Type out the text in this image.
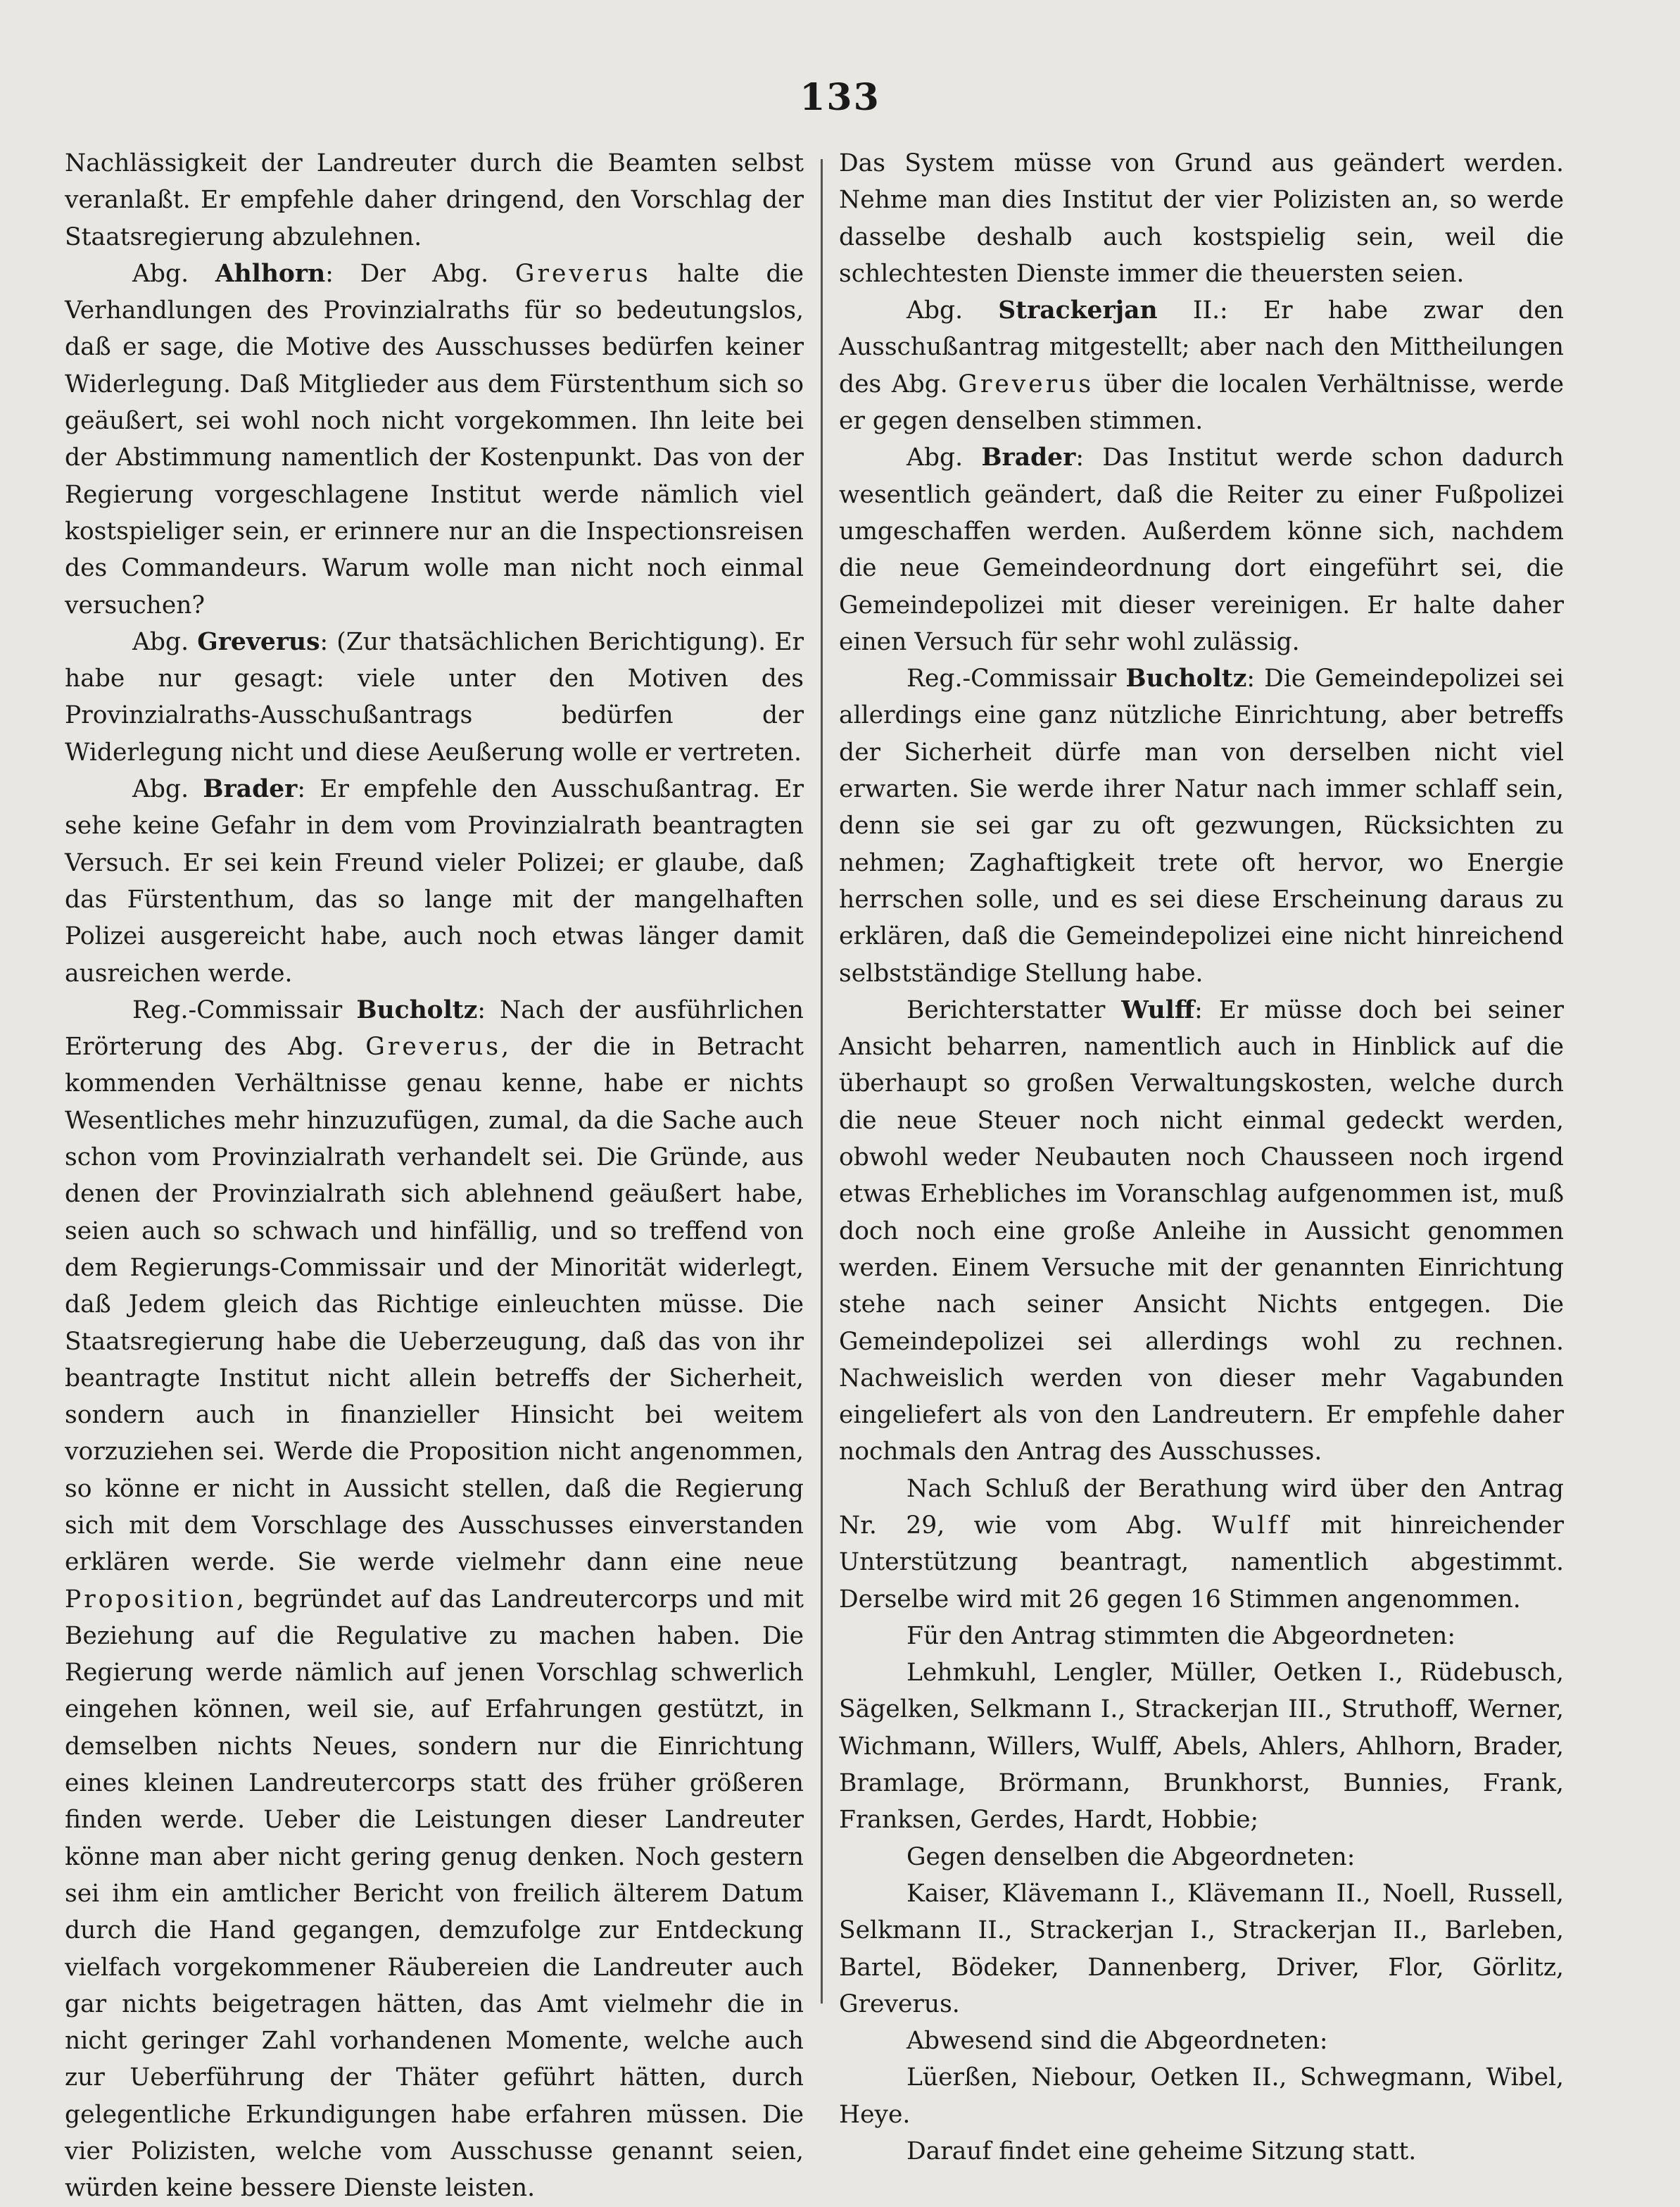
133

Nachlässigkeit der Landreuter durch die Beamten selbst veranlaßt. Er empfehle daher dringend, den Vorschlag der Staatsregierung abzulehnen.

Abg. Ahlhorn: Der Abg. Greverus halte die Verhandlungen des Provinzialraths für so bedeutungslos, daß er sage, die Motive des Ausschusses bedürfen keiner Widerlegung. Daß Mitglieder aus dem Fürstenthum sich so geäußert, sei wohl noch nicht vorgekommen. Ihn leite bei der Abstimmung namentlich der Kostenpunkt. Das von der Regierung vorgeschlagene Institut werde nämlich viel kostspieliger sein, er erinnere nur an die Inspectionsreisen des Commandeurs. Warum wolle man nicht noch einmal versuchen?

Abg. Greverus: (Zur thatsächlichen Berichtigung). Er habe nur gesagt: viele unter den Motiven des Provinzialraths-Ausschußantrags bedürfen der Widerlegung nicht und diese Aeußerung wolle er vertreten.

Abg. Brader: Er empfehle den Ausschußantrag. Er sehe keine Gefahr in dem vom Provinzialrath beantragten Versuch. Er sei kein Freund vieler Polizei; er glaube, daß das Fürstenthum, das so lange mit der mangelhaften Polizei ausgereicht habe, auch noch etwas länger damit ausreichen werde.

Reg.-Commissair Bucholtz: Nach der ausführlichen Erörterung des Abg. Greverus, der die in Betracht kommenden Verhältnisse genau kenne, habe er nichts Wesentliches mehr hinzuzufügen, zumal, da die Sache auch schon vom Provinzialrath verhandelt sei. Die Gründe, aus denen der Provinzialrath sich ablehnend geäußert habe, seien auch so schwach und hinfällig, und so treffend von dem Regierungs-Commissair und der Minorität widerlegt, daß Jedem gleich das Richtige einleuchten müsse. Die Staatsregierung habe die Ueberzeugung, daß das von ihr beantragte Institut nicht allein betreffs der Sicherheit, sondern auch in finanzieller Hinsicht bei weitem vorzuziehen sei. Werde die Proposition nicht angenommen, so könne er nicht in Aussicht stellen, daß die Regierung sich mit dem Vorschlage des Ausschusses einverstanden erklären werde. Sie werde vielmehr dann eine neue Proposition, begründet auf das Landreutercorps und mit Beziehung auf die Regulative zu machen haben. Die Regierung werde nämlich auf jenen Vorschlag schwerlich eingehen können, weil sie, auf Erfahrungen gestützt, in demselben nichts Neues, sondern nur die Einrichtung eines kleinen Landreutercorps statt des früher größeren finden werde. Ueber die Leistungen dieser Landreuter könne man aber nicht gering genug denken. Noch gestern sei ihm ein amtlicher Bericht von freilich älterem Datum durch die Hand gegangen, demzufolge zur Entdeckung vielfach vorgekommener Räubereien die Landreuter auch gar nichts beigetragen hätten, das Amt vielmehr die in nicht geringer Zahl vorhandenen Momente, welche auch zur Ueberführung der Thäter geführt hätten, durch gelegentliche Erkundigungen habe erfahren müssen. Die vier Polizisten, welche vom Ausschusse genannt seien, würden keine bessere Dienste leisten.

Das System müsse von Grund aus geändert werden. Nehme man dies Institut der vier Polizisten an, so werde dasselbe deshalb auch kostspielig sein, weil die schlechtesten Dienste immer die theuersten seien.

Abg. Strackerjan II.: Er habe zwar den Ausschußantrag mitgestellt; aber nach den Mittheilungen des Abg. Greverus über die localen Verhältnisse, werde er gegen denselben stimmen.

Abg. Brader: Das Institut werde schon dadurch wesentlich geändert, daß die Reiter zu einer Fußpolizei umgeschaffen werden. Außerdem könne sich, nachdem die neue Gemeindeordnung dort eingeführt sei, die Gemeindepolizei mit dieser vereinigen. Er halte daher einen Versuch für sehr wohl zulässig.

Reg.-Commissair Bucholtz: Die Gemeindepolizei sei allerdings eine ganz nützliche Einrichtung, aber betreffs der Sicherheit dürfe man von derselben nicht viel erwarten. Sie werde ihrer Natur nach immer schlaff sein, denn sie sei gar zu oft gezwungen, Rücksichten zu nehmen; Zaghaftigkeit trete oft hervor, wo Energie herrschen solle, und es sei diese Erscheinung daraus zu erklären, daß die Gemeindepolizei eine nicht hinreichend selbstständige Stellung habe.

Berichterstatter Wulff: Er müsse doch bei seiner Ansicht beharren, namentlich auch in Hinblick auf die überhaupt so großen Verwaltungskosten, welche durch die neue Steuer noch nicht einmal gedeckt werden, obwohl weder Neubauten noch Chausseen noch irgend etwas Erhebliches im Voranschlag aufgenommen ist, muß doch noch eine große Anleihe in Aussicht genommen werden. Einem Versuche mit der genannten Einrichtung stehe nach seiner Ansicht Nichts entgegen. Die Gemeindepolizei sei allerdings wohl zu rechnen. Nachweislich werden von dieser mehr Vagabunden eingeliefert als von den Landreutern. Er empfehle daher nochmals den Antrag des Ausschusses.

Nach Schluß der Berathung wird über den Antrag Nr. 29, wie vom Abg. Wulff mit hinreichender Unterstützung beantragt, namentlich abgestimmt. Derselbe wird mit 26 gegen 16 Stimmen angenommen.

Für den Antrag stimmten die Abgeordneten:

Lehmkuhl, Lengler, Müller, Oetken I., Rüdebusch, Sägelken, Selkmann I., Strackerjan III., Struthoff, Werner, Wichmann, Willers, Wulff, Abels, Ahlers, Ahlhorn, Brader, Bramlage, Brörmann, Brunkhorst, Bunnies, Frank, Franksen, Gerdes, Hardt, Hobbie;

Gegen denselben die Abgeordneten:

Kaiser, Klävemann I., Klävemann II., Noell, Russell, Selkmann II., Strackerjan I., Strackerjan II., Barleben, Bartel, Bödeker, Dannenberg, Driver, Flor, Görlitz, Greverus.

Abwesend sind die Abgeordneten:

Lüerßen, Niebour, Oetken II., Schwegmann, Wibel, Heye.

Darauf findet eine geheime Sitzung statt.
